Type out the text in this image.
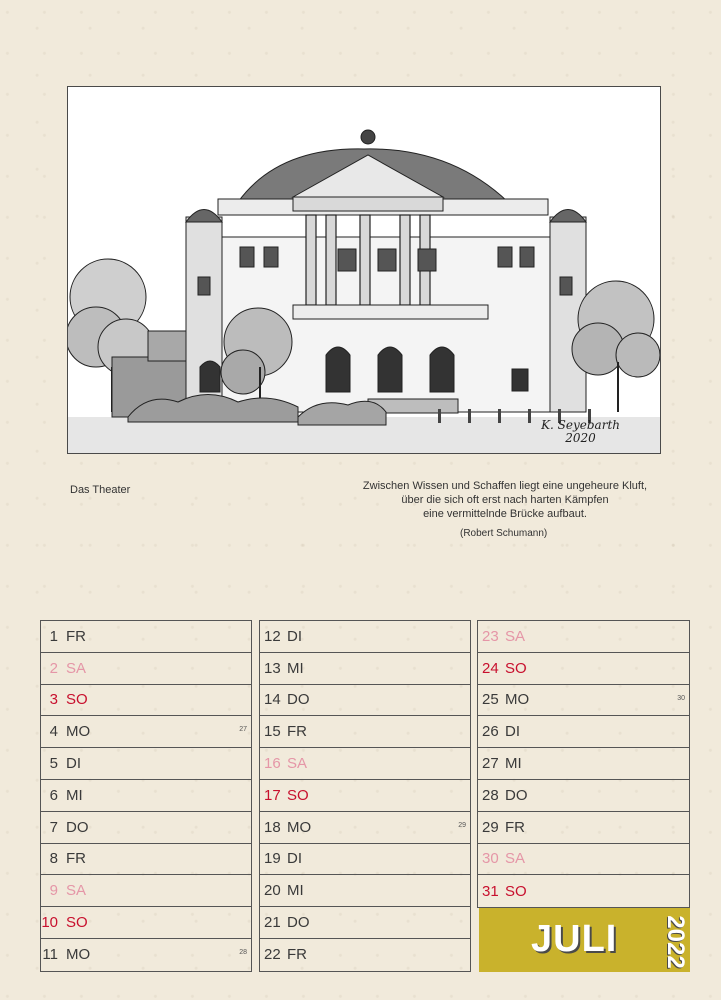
K. Seyebarth
2020
Das Theater	Zwischen Wissen und Schaffen liegt eine ungeheure Kluft,
über die sich oft erst nach harten Kämpfen
eine vermittelnde Brücke aufbaut.
(Robert Schumann)
1 FR
2 SA
3 SO
4 MO	27
5 DI
6 MI
7 DO
8 FR
9 SA
10 SO
11 MO	28
12 DI
13 MI
14 DO
15 FR
16 SA
17 SO
18 MO	29
19 DI
20 MI
21 DO
22 FR
23 SA
24 SO
25 MO	30
26 DI
27 MI
28 DO
29 FR
30 SA
31 SO
JULI 2022
